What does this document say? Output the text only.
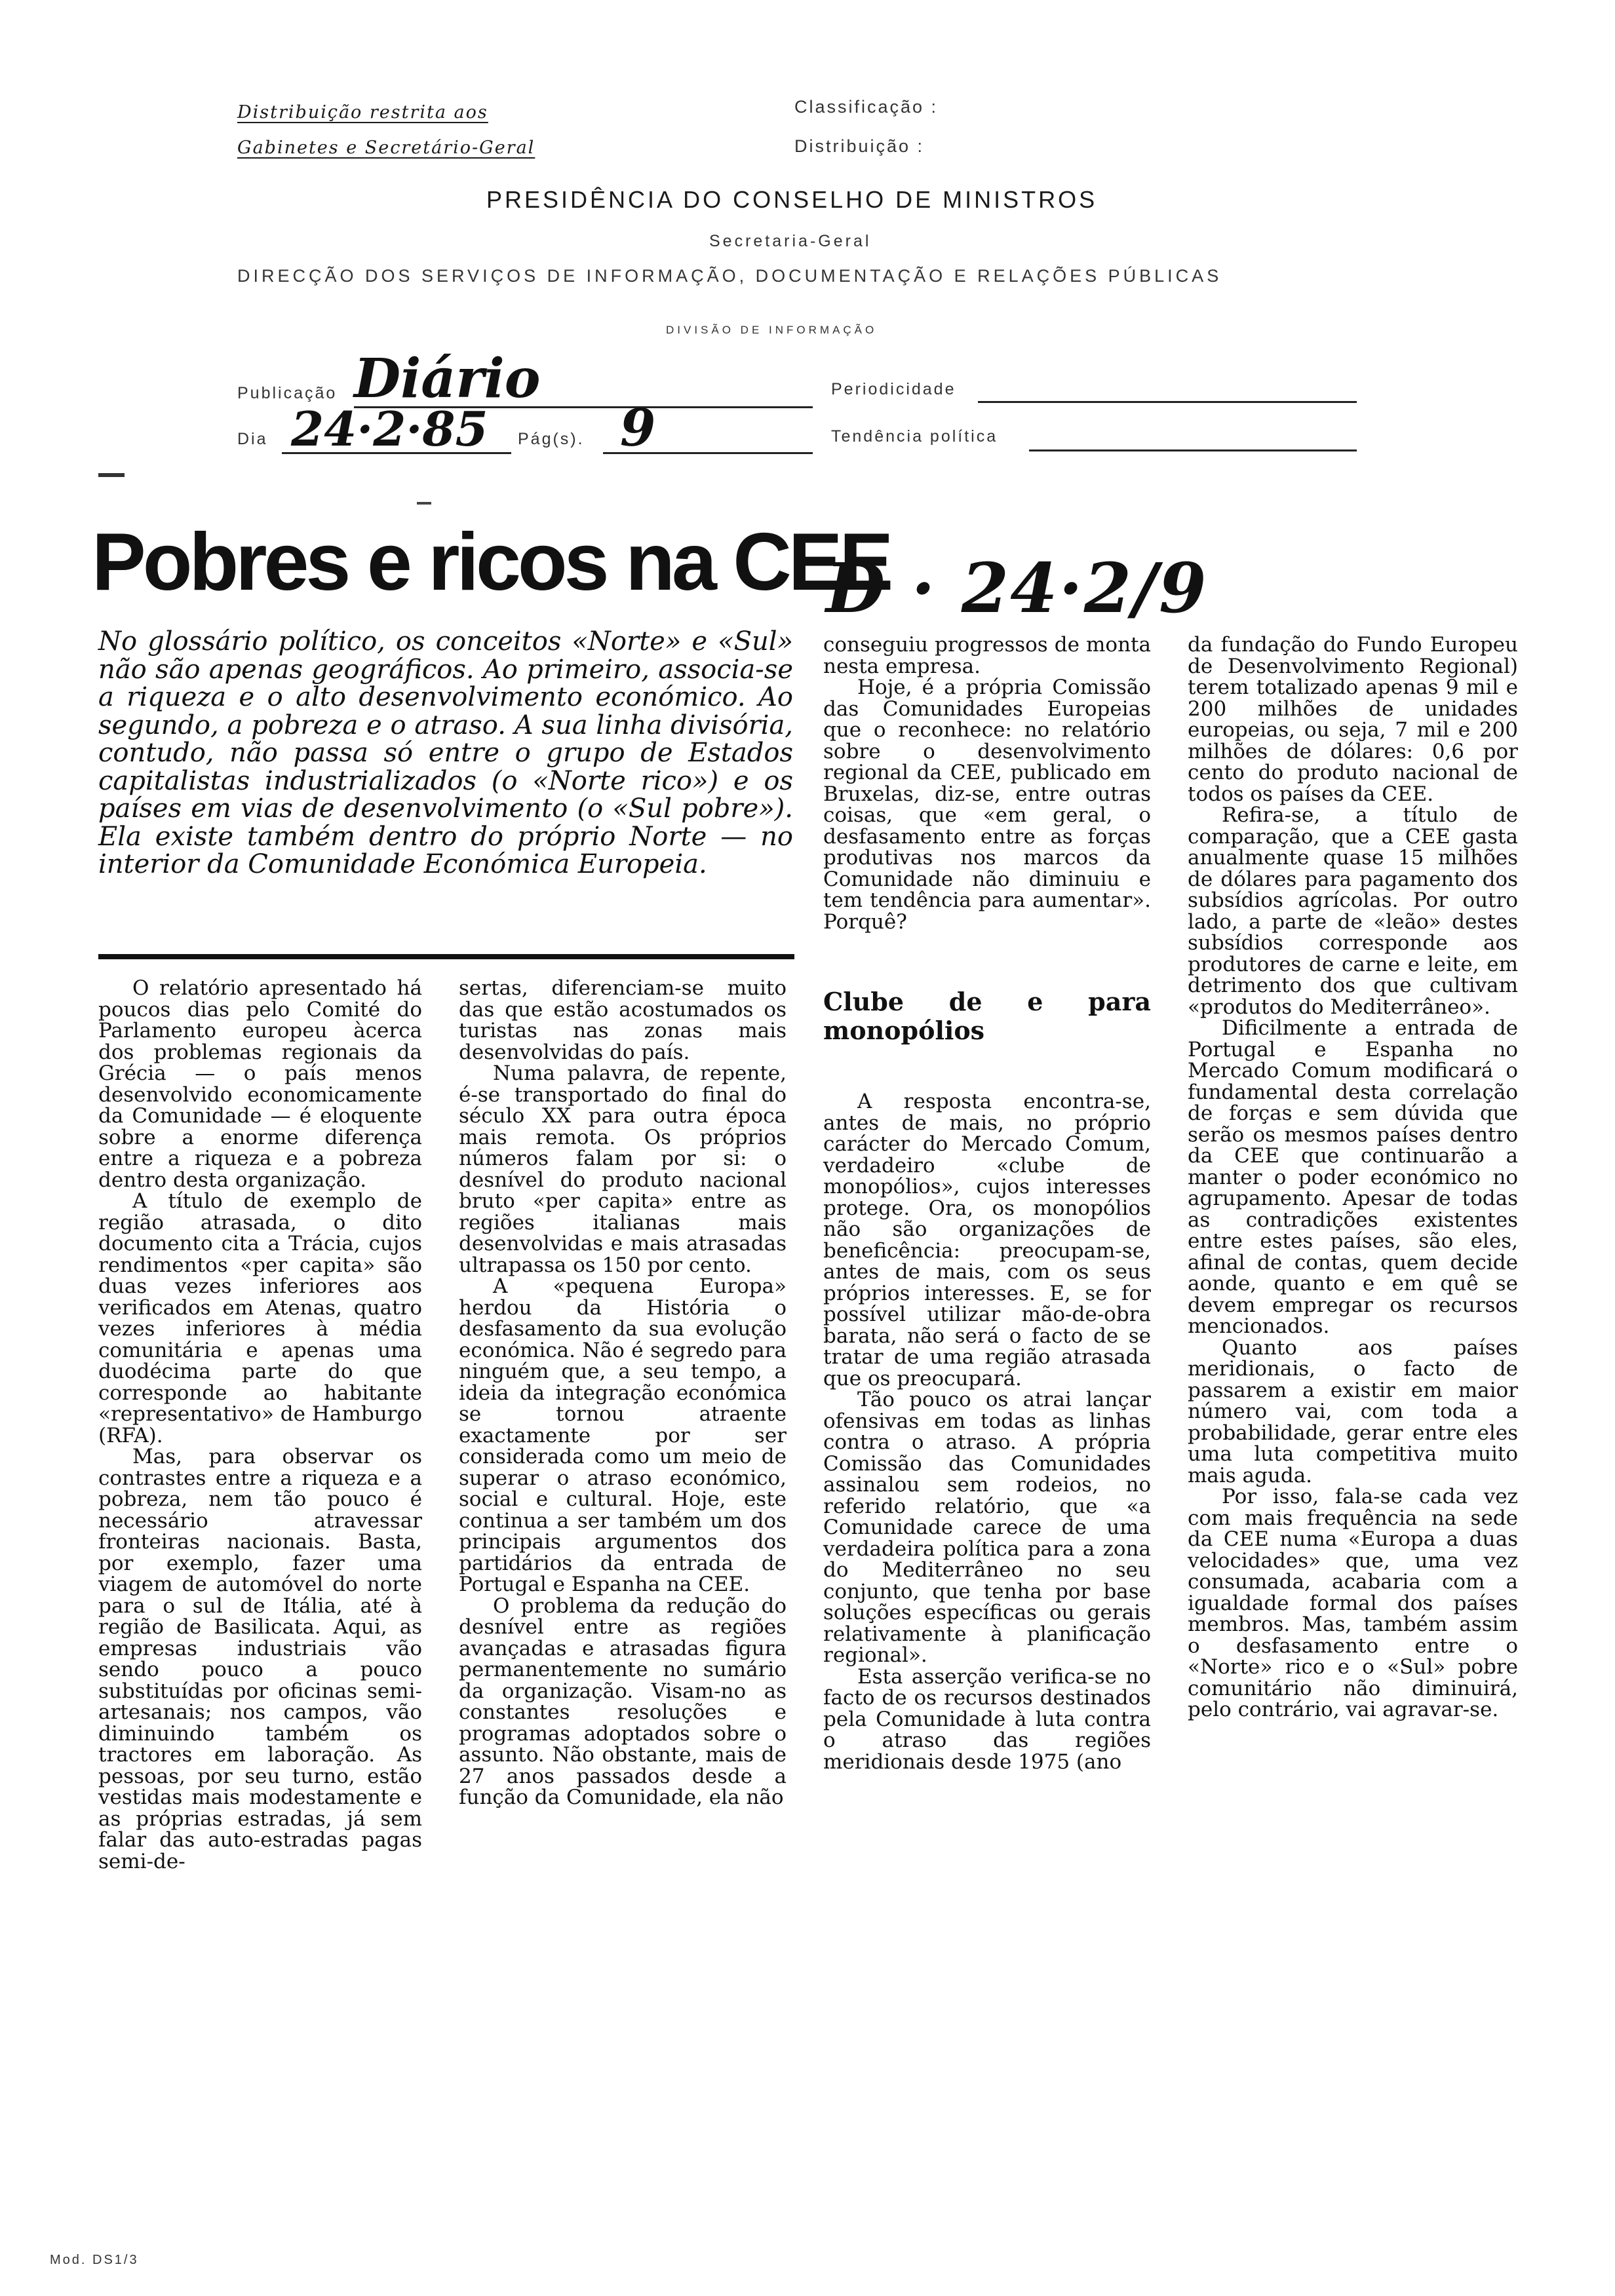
Distribuição restrita aos
Gabinetes e Secretário-Geral
Classificação :
Distribuição :
PRESIDÊNCIA DO CONSELHO DE MINISTROS
Secretaria-Geral
DIRECÇÃO DOS SERVIÇOS DE INFORMAÇÃO, DOCUMENTAÇÃO E RELAÇÕES PÚBLICAS
DIVISÃO DE INFORMAÇÃO
Publicação Diário	Periodicidade
Dia 24·2·85 Pág(s). 9	Tendência política
Pobres e ricos na CEE
D · 24·2/9
No glossário político, os conceitos «Norte» e «Sul» não são apenas geográficos. Ao primeiro, associa-se a riqueza e o alto desenvolvimento económico. Ao segundo, a pobreza e o atraso. A sua linha divisória, contudo, não passa só entre o grupo de Estados capitalistas industrializados (o «Norte rico») e os países em vias de desenvolvimento (o «Sul pobre»). Ela existe também dentro do próprio Norte — no interior da Comunidade Económica Europeia.

O relatório apresentado há poucos dias pelo Comité do Parlamento europeu àcerca dos problemas regionais da Grécia — o país menos desenvolvido economicamente da Comunidade — é eloquente sobre a enorme diferença entre a riqueza e a pobreza dentro desta organização.

A título de exemplo de região atrasada, o dito documento cita a Trácia, cujos rendimentos «per capita» são duas vezes inferiores aos verificados em Atenas, quatro vezes inferiores à média comunitária e apenas uma duodécima parte do que corresponde ao habitante «representativo» de Hamburgo (RFA).

Mas, para observar os contrastes entre a riqueza e a pobreza, nem tão pouco é necessário atravessar fronteiras nacionais. Basta, por exemplo, fazer uma viagem de automóvel do norte para o sul de Itália, até à região de Basilicata. Aqui, as empresas industriais vão sendo pouco a pouco substituídas por oficinas semi-artesanais; nos campos, vão diminuindo também os tractores em laboração. As pessoas, por seu turno, estão vestidas mais modestamente e as próprias estradas, já sem falar das auto-estradas pagas semi-de-

sertas, diferenciam-se muito das que estão acostumados os turistas nas zonas mais desenvolvidas do país.

Numa palavra, de repente, é-se transportado do final do século XX para outra época mais remota. Os próprios números falam por si: o desnível do produto nacional bruto «per capita» entre as regiões italianas mais desenvolvidas e mais atrasadas ultrapassa os 150 por cento.

A «pequena Europa» herdou da História o desfasamento da sua evolução económica. Não é segredo para ninguém que, a seu tempo, a ideia da integração económica se tornou atraente exactamente por ser considerada como um meio de superar o atraso económico, social e cultural. Hoje, este continua a ser também um dos principais argumentos dos partidários da entrada de Portugal e Espanha na CEE.

O problema da redução do desnível entre as regiões avançadas e atrasadas figura permanentemente no sumário da organização. Visam-no as constantes resoluções e programas adoptados sobre o assunto. Não obstante, mais de 27 anos passados desde a função da Comunidade, ela não

conseguiu progressos de monta nesta empresa.

Hoje, é a própria Comissão das Comunidades Europeias que o reconhece: no relatório sobre o desenvolvimento regional da CEE, publicado em Bruxelas, diz-se, entre outras coisas, que «em geral, o desfasamento entre as forças produtivas nos marcos da Comunidade não diminuiu e tem tendência para aumentar». Porquê?

Clube de e para monopólios

A resposta encontra-se, antes de mais, no próprio carácter do Mercado Comum, verdadeiro «clube de monopólios», cujos interesses protege. Ora, os monopólios não são organizações de beneficência: preocupam-se, antes de mais, com os seus próprios interesses. E, se for possível utilizar mão-de-obra barata, não será o facto de se tratar de uma região atrasada que os preocupará.

Tão pouco os atrai lançar ofensivas em todas as linhas contra o atraso. A própria Comissão das Comunidades assinalou sem rodeios, no referido relatório, que «a Comunidade carece de uma verdadeira política para a zona do Mediterrâneo no seu conjunto, que tenha por base soluções específicas ou gerais relativamente à planificação regional».

Esta asserção verifica-se no facto de os recursos destinados pela Comunidade à luta contra o atraso das regiões meridionais desde 1975 (ano

da fundação do Fundo Europeu de Desenvolvimento Regional) terem totalizado apenas 9 mil e 200 milhões de unidades europeias, ou seja, 7 mil e 200 milhões de dólares: 0,6 por cento do produto nacional de todos os países da CEE.

Refira-se, a título de comparação, que a CEE gasta anualmente quase 15 milhões de dólares para pagamento dos subsídios agrícolas. Por outro lado, a parte de «leão» destes subsídios corresponde aos produtores de carne e leite, em detrimento dos que cultivam «produtos do Mediterrâneo».

Dificilmente a entrada de Portugal e Espanha no Mercado Comum modificará o fundamental desta correlação de forças e sem dúvida que serão os mesmos países dentro da CEE que continuarão a manter o poder económico no agrupamento. Apesar de todas as contradições existentes entre estes países, são eles, afinal de contas, quem decide aonde, quanto e em quê se devem empregar os recursos mencionados.

Quanto aos países meridionais, o facto de passarem a existir em maior número vai, com toda a probabilidade, gerar entre eles uma luta competitiva muito mais aguda.

Por isso, fala-se cada vez com mais frequência na sede da CEE numa «Europa a duas velocidades» que, uma vez consumada, acabaria com a igualdade formal dos países membros. Mas, também assim o desfasamento entre o «Norte» rico e o «Sul» pobre comunitário não diminuirá, pelo contrário, vai agravar-se.

Mod. DS1/3
